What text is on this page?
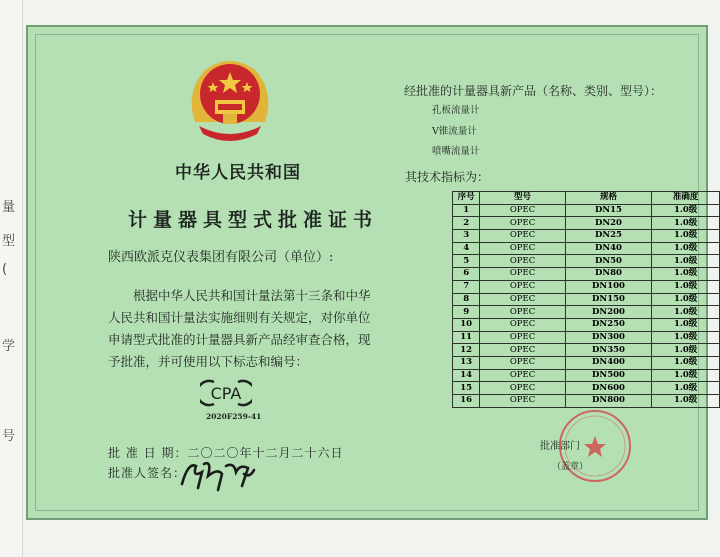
量
型
(
学
号
中华人民共和国
计量器具型式批准证书
陕西欧派克仪表集团有限公司（单位）:
根据中华人民共和国计量法第十三条和中华人民共和国计量法实施细则有关规定，对你单位申请型式批准的计量器具新产品经审查合格，现予批准，并可使用以下标志和编号：
CPA
2020F259-41
批 准 日 期：二〇二〇年十二月二十六日
批准人签名：
经批准的计量器具新产品（名称、类别、型号）：
孔板流量计
V锥流量计
喷嘴流量计
其技术指标为：
序号	型号	规格	准确度
1	OPEC	DN15	1.0级
2	OPEC	DN20	1.0级
3	OPEC	DN25	1.0级
4	OPEC	DN40	1.0级
5	OPEC	DN50	1.0级
6	OPEC	DN80	1.0级
7	OPEC	DN100	1.0级
8	OPEC	DN150	1.0级
9	OPEC	DN200	1.0级
10	OPEC	DN250	1.0级
11	OPEC	DN300	1.0级
12	OPEC	DN350	1.0级
13	OPEC	DN400	1.0级
14	OPEC	DN500	1.0级
15	OPEC	DN600	1.0级
16	OPEC	DN800	1.0级
批准部门
（盖章）
